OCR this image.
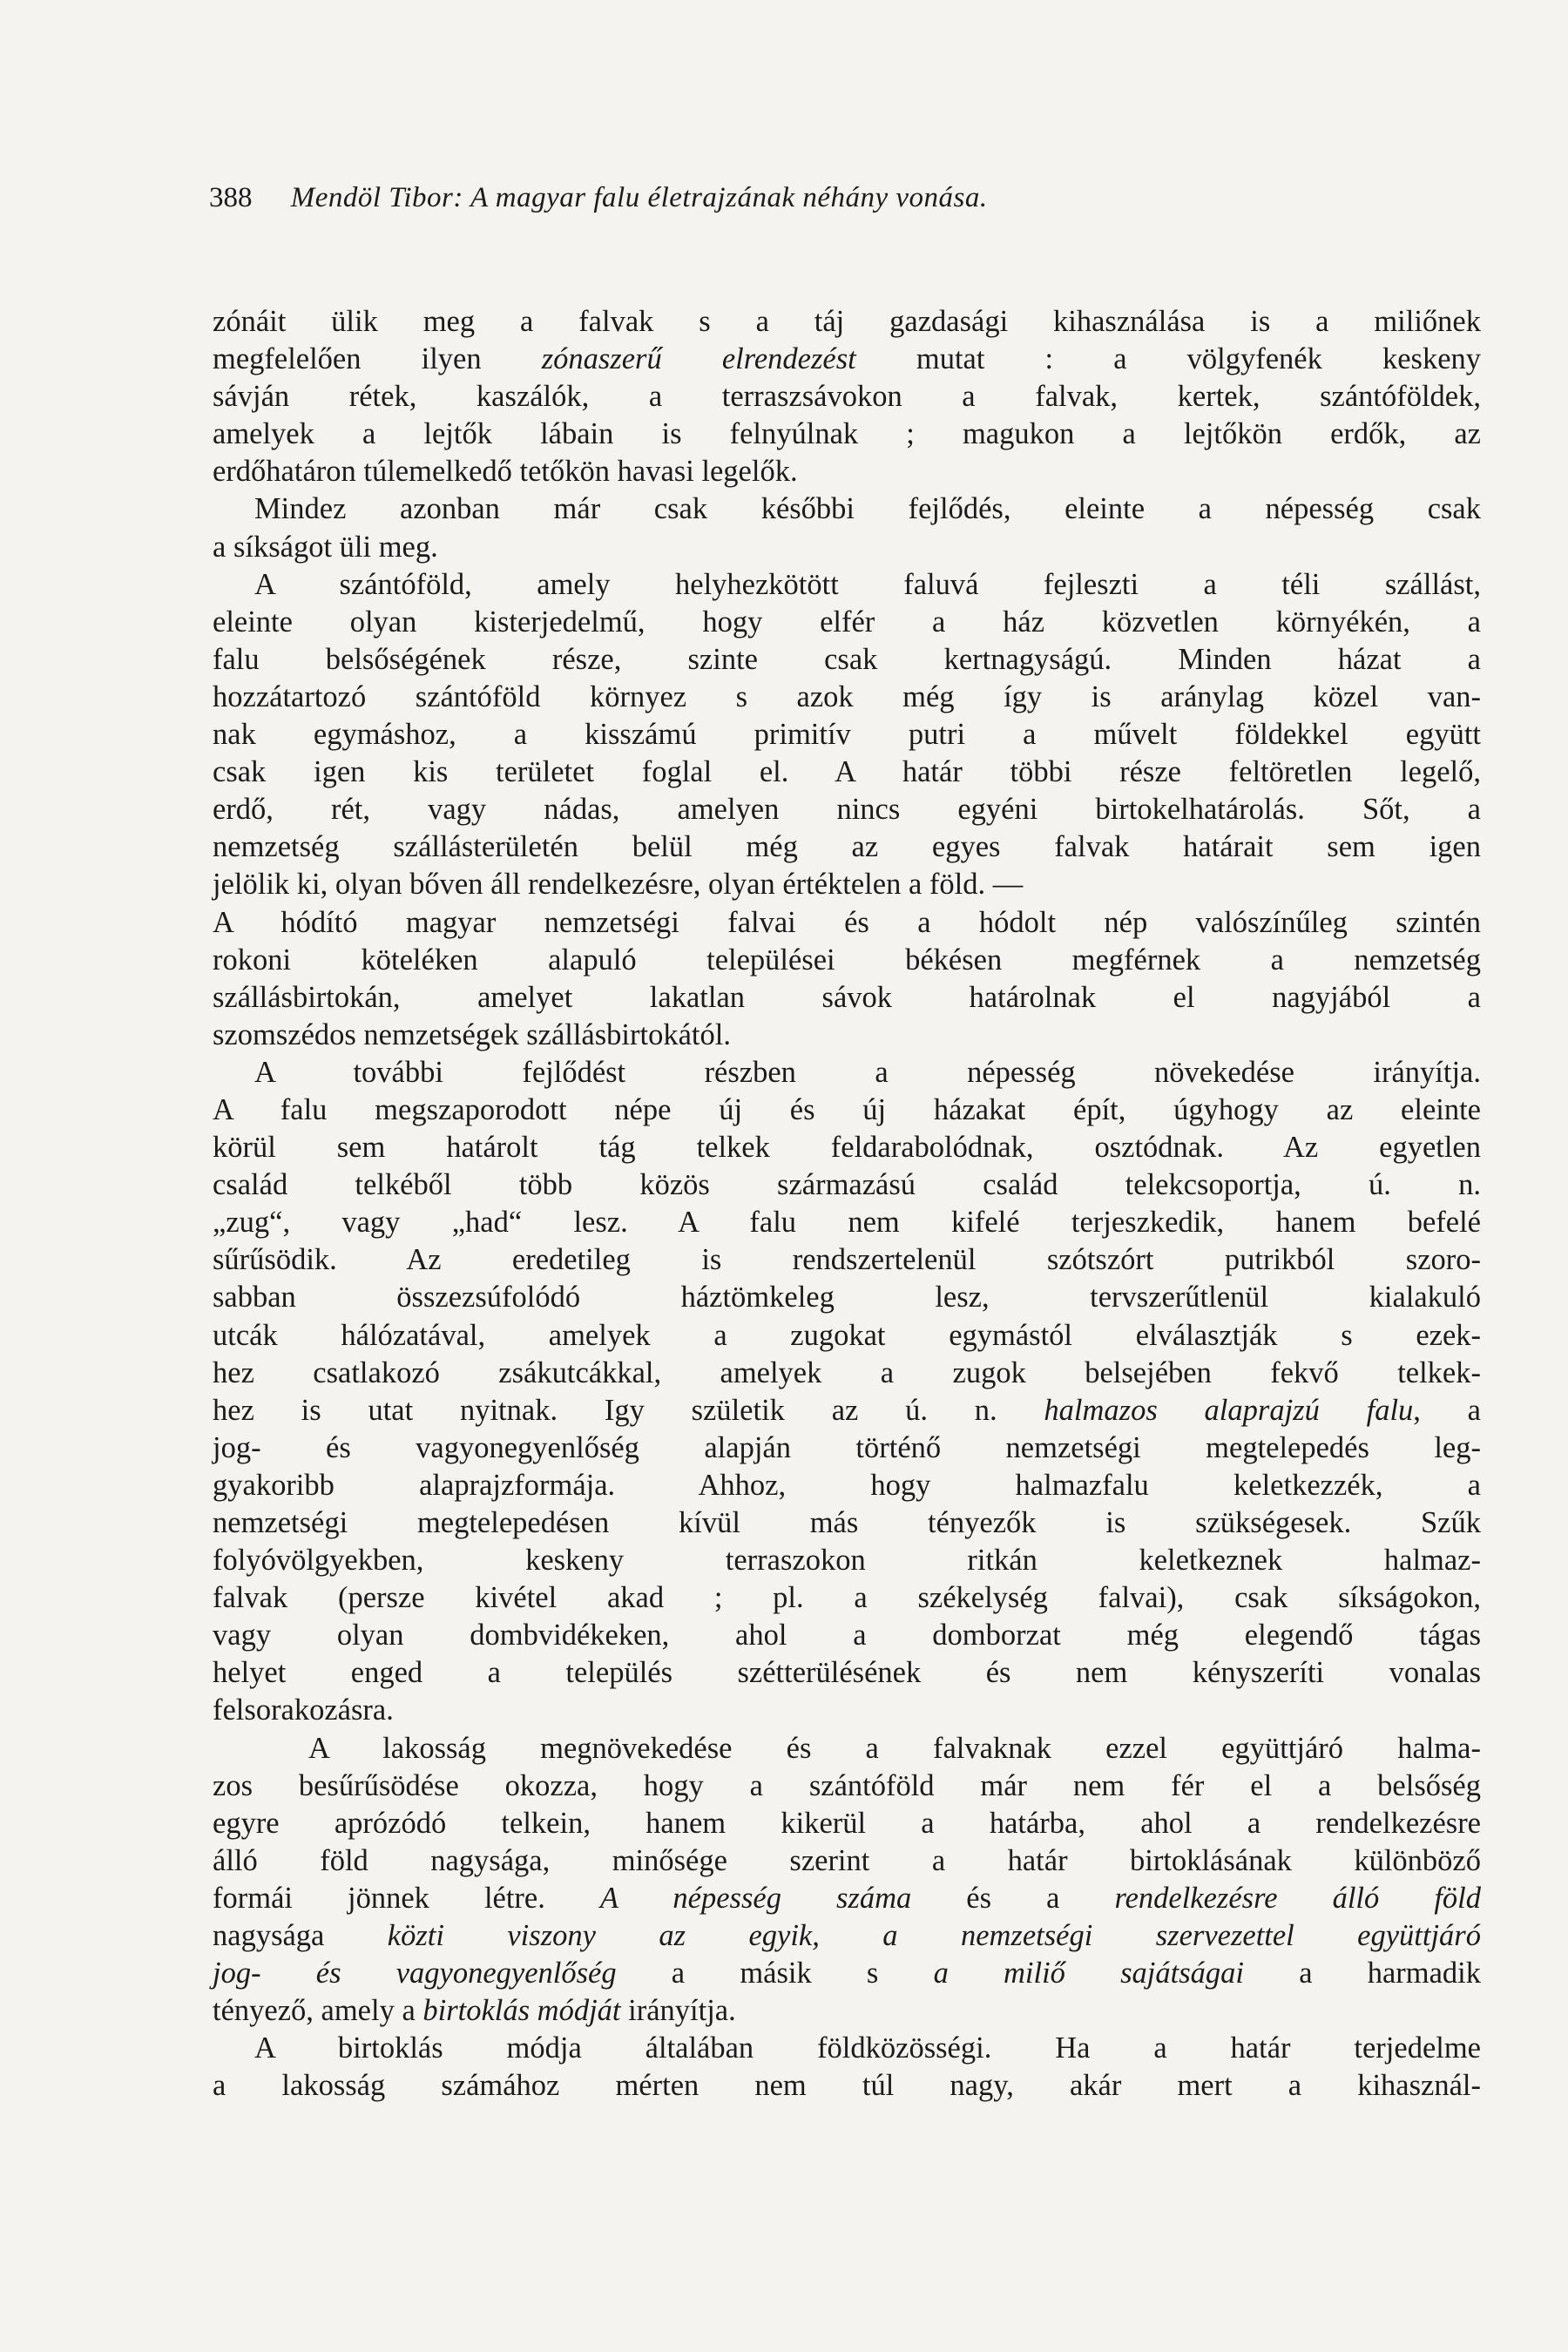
388 Mendöl Tibor: A magyar falu életrajzának néhány vonása.
zónáit ülik meg a falvak s a táj gazdasági kihasználása is a miliőnek
megfelelően ilyen zónaszerű elrendezést mutat : a völgyfenék keskeny
sávján rétek, kaszálók, a terraszsávokon a falvak, kertek, szántóföldek,
amelyek a lejtők lábain is felnyúlnak ; magukon a lejtőkön erdők, az
erdőhatáron túlemelkedő tetőkön havasi legelők.
Mindez azonban már csak későbbi fejlődés, eleinte a népesség csak
a síkságot üli meg.
A szántóföld, amely helyhezkötött faluvá fejleszti a téli szállást,
eleinte olyan kisterjedelmű, hogy elfér a ház közvetlen környékén, a
falu belsőségének része, szinte csak kertnagyságú. Minden házat a
hozzátartozó szántóföld környez s azok még így is aránylag közel van-
nak egymáshoz, a kisszámú primitív putri a művelt földekkel együtt
csak igen kis területet foglal el. A határ többi része feltöretlen legelő,
erdő, rét, vagy nádas, amelyen nincs egyéni birtokelhatárolás. Sőt, a
nemzetség szállásterületén belül még az egyes falvak határait sem igen
jelölik ki, olyan bőven áll rendelkezésre, olyan értéktelen a föld. —
A hódító magyar nemzetségi falvai és a hódolt nép valószínűleg szintén
rokoni köteléken alapuló települései békésen megférnek a nemzetség
szállásbirtokán, amelyet lakatlan sávok határolnak el nagyjából a
szomszédos nemzetségek szállásbirtokától.
A további fejlődést részben a népesség növekedése irányítja.
A falu megszaporodott népe új és új házakat épít, úgyhogy az eleinte
körül sem határolt tág telkek feldarabolódnak, osztódnak. Az egyetlen
család telkéből több közös származású család telekcsoportja, ú. n.
„zug“, vagy „had“ lesz. A falu nem kifelé terjeszkedik, hanem befelé
sűrűsödik. Az eredetileg is rendszertelenül szótszórt putrikból szoro-
sabban összezsúfolódó háztömkeleg lesz, tervszerűtlenül kialakuló
utcák hálózatával, amelyek a zugokat egymástól elválasztják s ezek-
hez csatlakozó zsákutcákkal, amelyek a zugok belsejében fekvő telkek-
hez is utat nyitnak. Igy születik az ú. n. halmazos alaprajzú falu, a
jog- és vagyonegyenlőség alapján történő nemzetségi megtelepedés leg-
gyakoribb alaprajzformája. Ahhoz, hogy halmazfalu keletkezzék, a
nemzetségi megtelepedésen kívül más tényezők is szükségesek. Szűk
folyóvölgyekben, keskeny terraszokon ritkán keletkeznek halmaz-
falvak (persze kivétel akad ; pl. a székelység falvai), csak síkságokon,
vagy olyan dombvidékeken, ahol a domborzat még elegendő tágas
helyet enged a település szétterülésének és nem kényszeríti vonalas
felsorakozásra.
A lakosság megnövekedése és a falvaknak ezzel együttjáró halma-
zos besűrűsödése okozza, hogy a szántóföld már nem fér el a belsőség
egyre aprózódó telkein, hanem kikerül a határba, ahol a rendelkezésre
álló föld nagysága, minősége szerint a határ birtoklásának különböző
formái jönnek létre. A népesség száma és a rendelkezésre álló föld
nagysága közti viszony az egyik, a nemzetségi szervezettel együttjáró
jog- és vagyonegyenlőség a másik s a miliő sajátságai a harmadik
tényező, amely a birtoklás módját irányítja.
A birtoklás módja általában földközösségi. Ha a határ terjedelme
a lakosság számához mérten nem túl nagy, akár mert a kihasznál-
